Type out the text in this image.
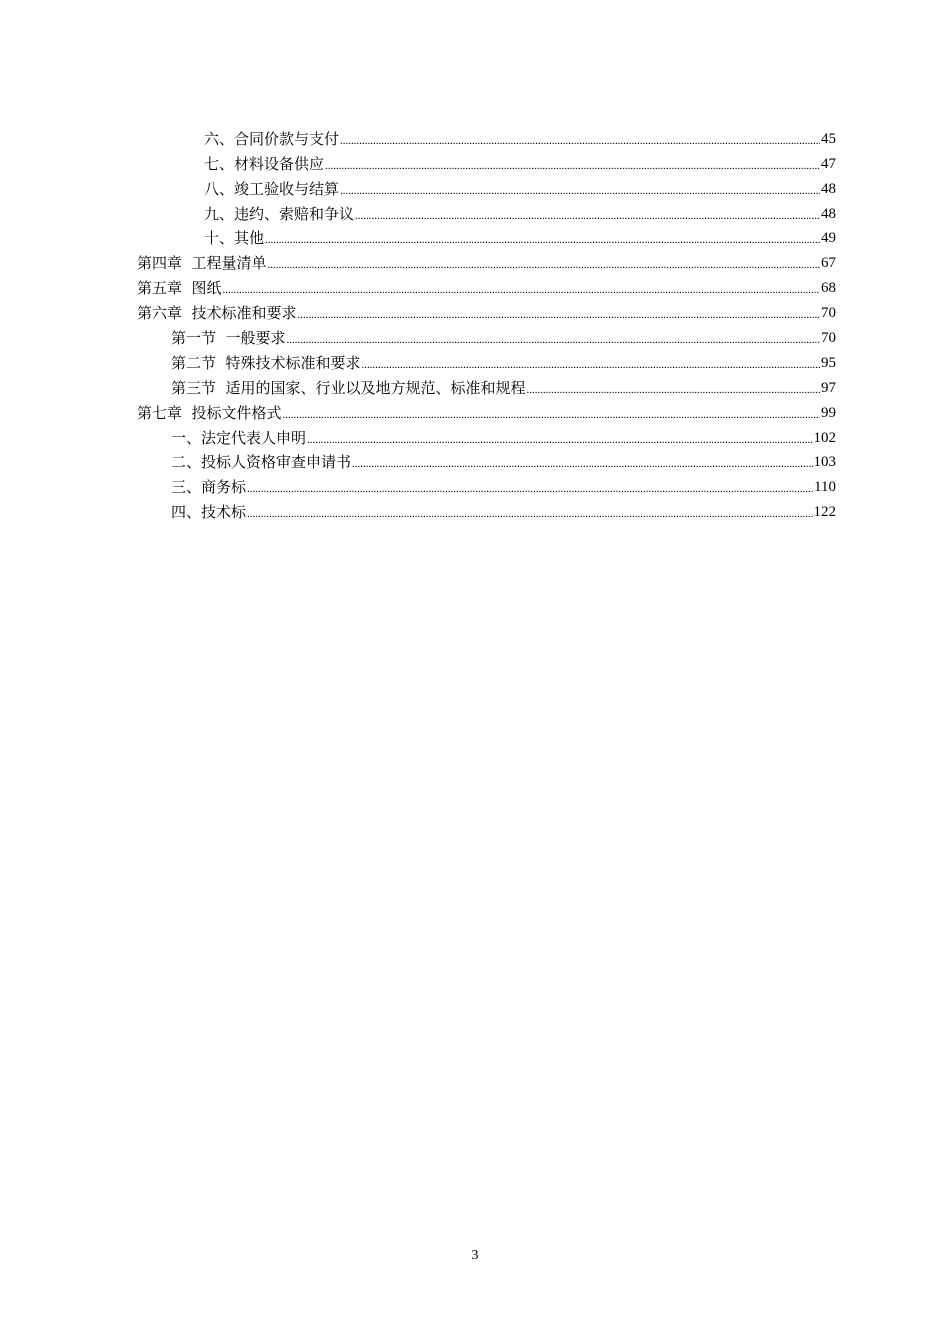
六、合同价款与支付 .....	45
七、材料设备供应 .....	47
八、竣工验收与结算 .....	48
九、违约、索赔和争议 .....	48
十、其他 .....	49
第四章  工程量清单 .....	67
第五章  图纸 .....	68
第六章  技术标准和要求 .....	70
第一节  一般要求 .....	70
第二节  特殊技术标准和要求 .....	95
第三节  适用的国家、行业以及地方规范、标准和规程 .....	97
第七章  投标文件格式 .....	99
一、法定代表人申明 .....	102
二、投标人资格审查申请书 .....	103
三、商务标 .....	110
四、技术标 .....	122
3
